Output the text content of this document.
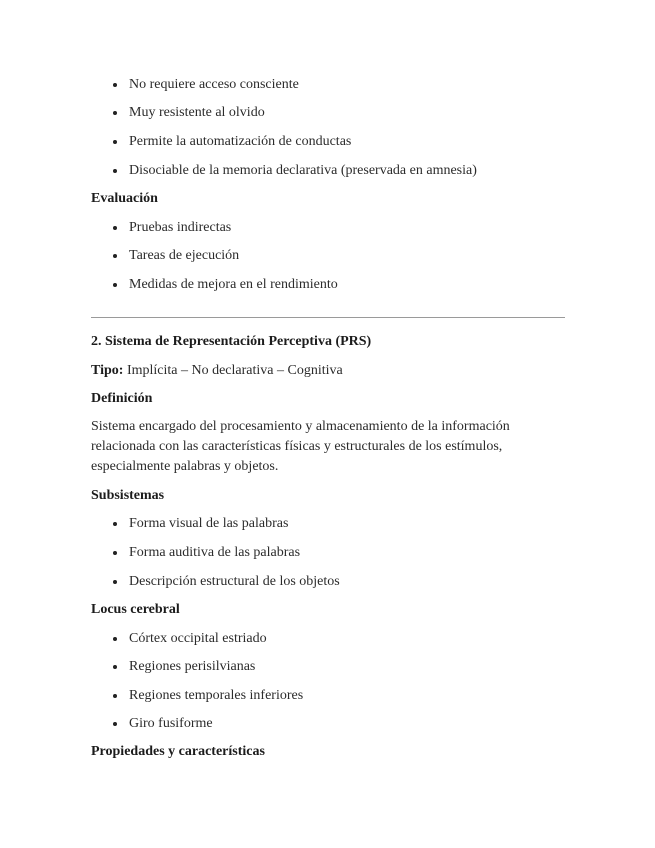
No requiere acceso consciente
Muy resistente al olvido
Permite la automatización de conductas
Disociable de la memoria declarativa (preservada en amnesia)
Evaluación
Pruebas indirectas
Tareas de ejecución
Medidas de mejora en el rendimiento
2. Sistema de Representación Perceptiva (PRS)

Tipo: Implícita – No declarativa – Cognitiva

Definición

Sistema encargado del procesamiento y almacenamiento de la información relacionada con las características físicas y estructurales de los estímulos, especialmente palabras y objetos.

Subsistemas
Forma visual de las palabras
Forma auditiva de las palabras
Descripción estructural de los objetos
Locus cerebral
Córtex occipital estriado
Regiones perisilvianas
Regiones temporales inferiores
Giro fusiforme
Propiedades y características
